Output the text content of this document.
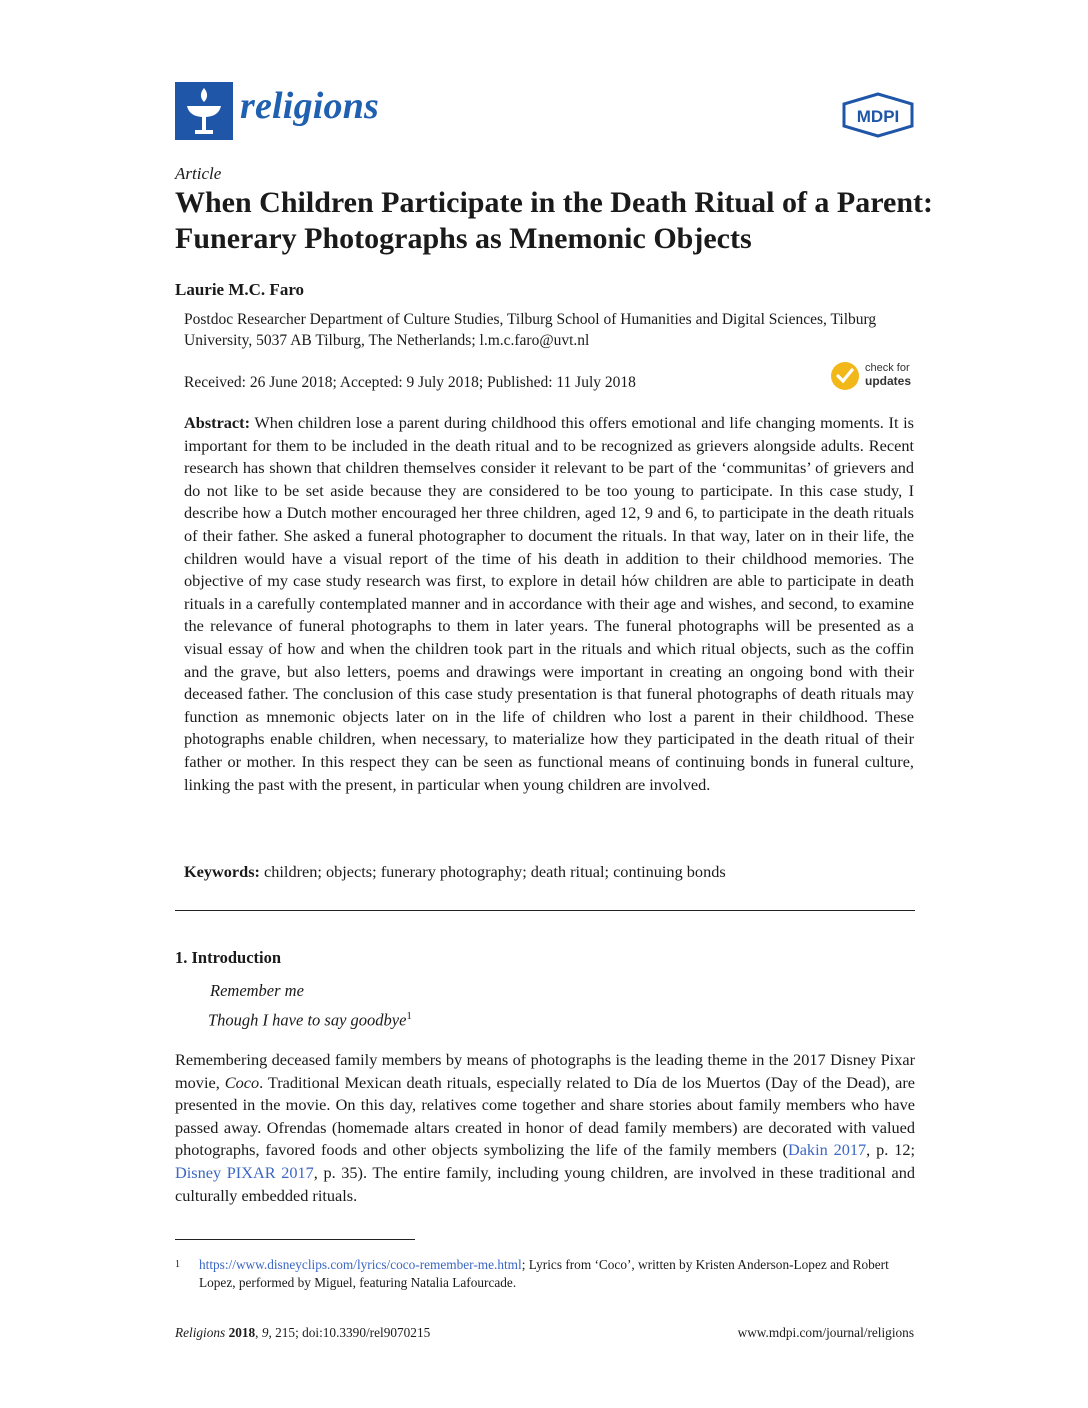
religions	MDPI
Article
When Children Participate in the Death Ritual of a Parent: Funerary Photographs as Mnemonic Objects
Laurie M.C. Faro
Postdoc Researcher Department of Culture Studies, Tilburg School of Humanities and Digital Sciences, Tilburg University, 5037 AB Tilburg, The Netherlands; l.m.c.faro@uvt.nl
Received: 26 June 2018; Accepted: 9 July 2018; Published: 11 July 2018
check for
updates
Abstract: When children lose a parent during childhood this offers emotional and life changing moments. It is important for them to be included in the death ritual and to be recognized as grievers alongside adults. Recent research has shown that children themselves consider it relevant to be part of the ‘communitas’ of grievers and do not like to be set aside because they are considered to be too young to participate. In this case study, I describe how a Dutch mother encouraged her three children, aged 12, 9 and 6, to participate in the death rituals of their father. She asked a funeral photographer to document the rituals. In that way, later on in their life, the children would have a visual report of the time of his death in addition to their childhood memories. The objective of my case study research was first, to explore in detail hów children are able to participate in death rituals in a carefully contemplated manner and in accordance with their age and wishes, and second, to examine the relevance of funeral photographs to them in later years. The funeral photographs will be presented as a visual essay of how and when the children took part in the rituals and which ritual objects, such as the coffin and the grave, but also letters, poems and drawings were important in creating an ongoing bond with their deceased father. The conclusion of this case study presentation is that funeral photographs of death rituals may function as mnemonic objects later on in the life of children who lost a parent in their childhood. These photographs enable children, when necessary, to materialize how they participated in the death ritual of their father or mother. In this respect they can be seen as functional means of continuing bonds in funeral culture, linking the past with the present, in particular when young children are involved.
Keywords: children; objects; funerary photography; death ritual; continuing bonds
1. Introduction
Remember me
Though I have to say goodbye$^1$
Remembering deceased family members by means of photographs is the leading theme in the 2017 Disney Pixar movie, Coco. Traditional Mexican death rituals, especially related to Día de los Muertos (Day of the Dead), are presented in the movie. On this day, relatives come together and share stories about family members who have passed away. Ofrendas (homemade altars created in honor of dead family members) are decorated with valued photographs, favored foods and other objects symbolizing the life of the family members (Dakin 2017, p. 12; Disney PIXAR 2017, p. 35). The entire family, including young children, are involved in these traditional and culturally embedded rituals.
1 https://www.disneyclips.com/lyrics/coco-remember-me.html; Lyrics from ‘Coco’, written by Kristen Anderson-Lopez and Robert Lopez, performed by Miguel, featuring Natalia Lafourcade.
Religions 2018, 9, 215; doi:10.3390/rel9070215	www.mdpi.com/journal/religions
